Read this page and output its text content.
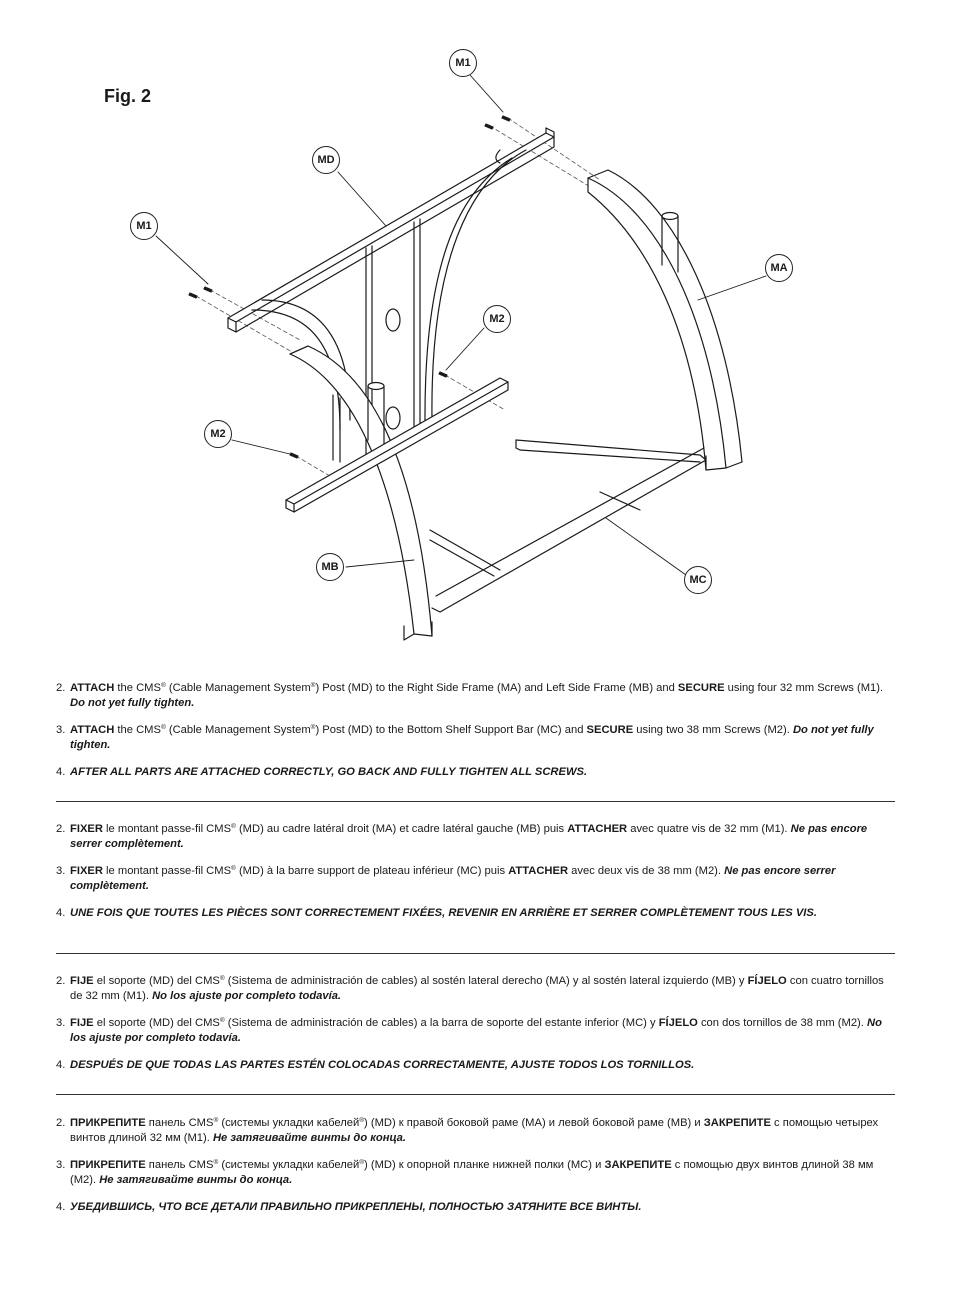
Fig. 2
M1
MD
M1
MA
M2
M2
MB
MC

2. ATTACH the CMS® (Cable Management System®) Post (MD) to the Right Side Frame (MA) and Left Side Frame (MB) and SECURE using four 32 mm Screws (M1). Do not yet fully tighten.

3. ATTACH the CMS® (Cable Management System®) Post (MD) to the Bottom Shelf Support Bar (MC) and SECURE using two 38 mm Screws (M2). Do not yet fully tighten.

4. AFTER ALL PARTS ARE ATTACHED CORRECTLY, GO BACK AND FULLY TIGHTEN ALL SCREWS.

2. FIXER le montant passe-fil CMS® (MD) au cadre latéral droit (MA) et cadre latéral gauche (MB) puis ATTACHER avec quatre vis de 32 mm (M1). Ne pas encore serrer complètement.

3. FIXER le montant passe-fil CMS® (MD) à la barre support de plateau inférieur (MC) puis ATTACHER avec deux vis de 38 mm (M2). Ne pas encore serrer complètement.

4. UNE FOIS QUE TOUTES LES PIÈCES SONT CORRECTEMENT FIXÉES, REVENIR EN ARRIÈRE ET SERRER COMPLÈTEMENT TOUS LES VIS.

2. FIJE el soporte (MD) del CMS® (Sistema de administración de cables) al sostén lateral derecho (MA) y al sostén lateral izquierdo (MB) y FÍJELO con cuatro tornillos de 32 mm (M1). No los ajuste por completo todavía.

3. FIJE el soporte (MD) del CMS® (Sistema de administración de cables) a la barra de soporte del estante inferior (MC) y FÍJELO con dos tornillos de 38 mm (M2). No los ajuste por completo todavía.

4. DESPUÉS DE QUE TODAS LAS PARTES ESTÉN COLOCADAS CORRECTAMENTE, AJUSTE TODOS LOS TORNILLOS.

2. ПРИКРЕПИТЕ панель CMS® (системы укладки кабелей®) (MD) к правой боковой раме (MA) и левой боковой раме (MB) и ЗАКРЕПИТЕ с помощью четырех винтов длиной 32 мм (M1). Не затягивайте винты до конца.

3. ПРИКРЕПИТЕ панель CMS® (системы укладки кабелей®) (MD) к опорной планке нижней полки (MC) и ЗАКРЕПИТЕ с помощью двух винтов длиной 38 мм (M2). Не затягивайте винты до конца.

4. УБЕДИВШИСЬ, ЧТО ВСЕ ДЕТАЛИ ПРАВИЛЬНО ПРИКРЕПЛЕНЫ, ПОЛНОСТЬЮ ЗАТЯНИТЕ ВСЕ ВИНТЫ.
